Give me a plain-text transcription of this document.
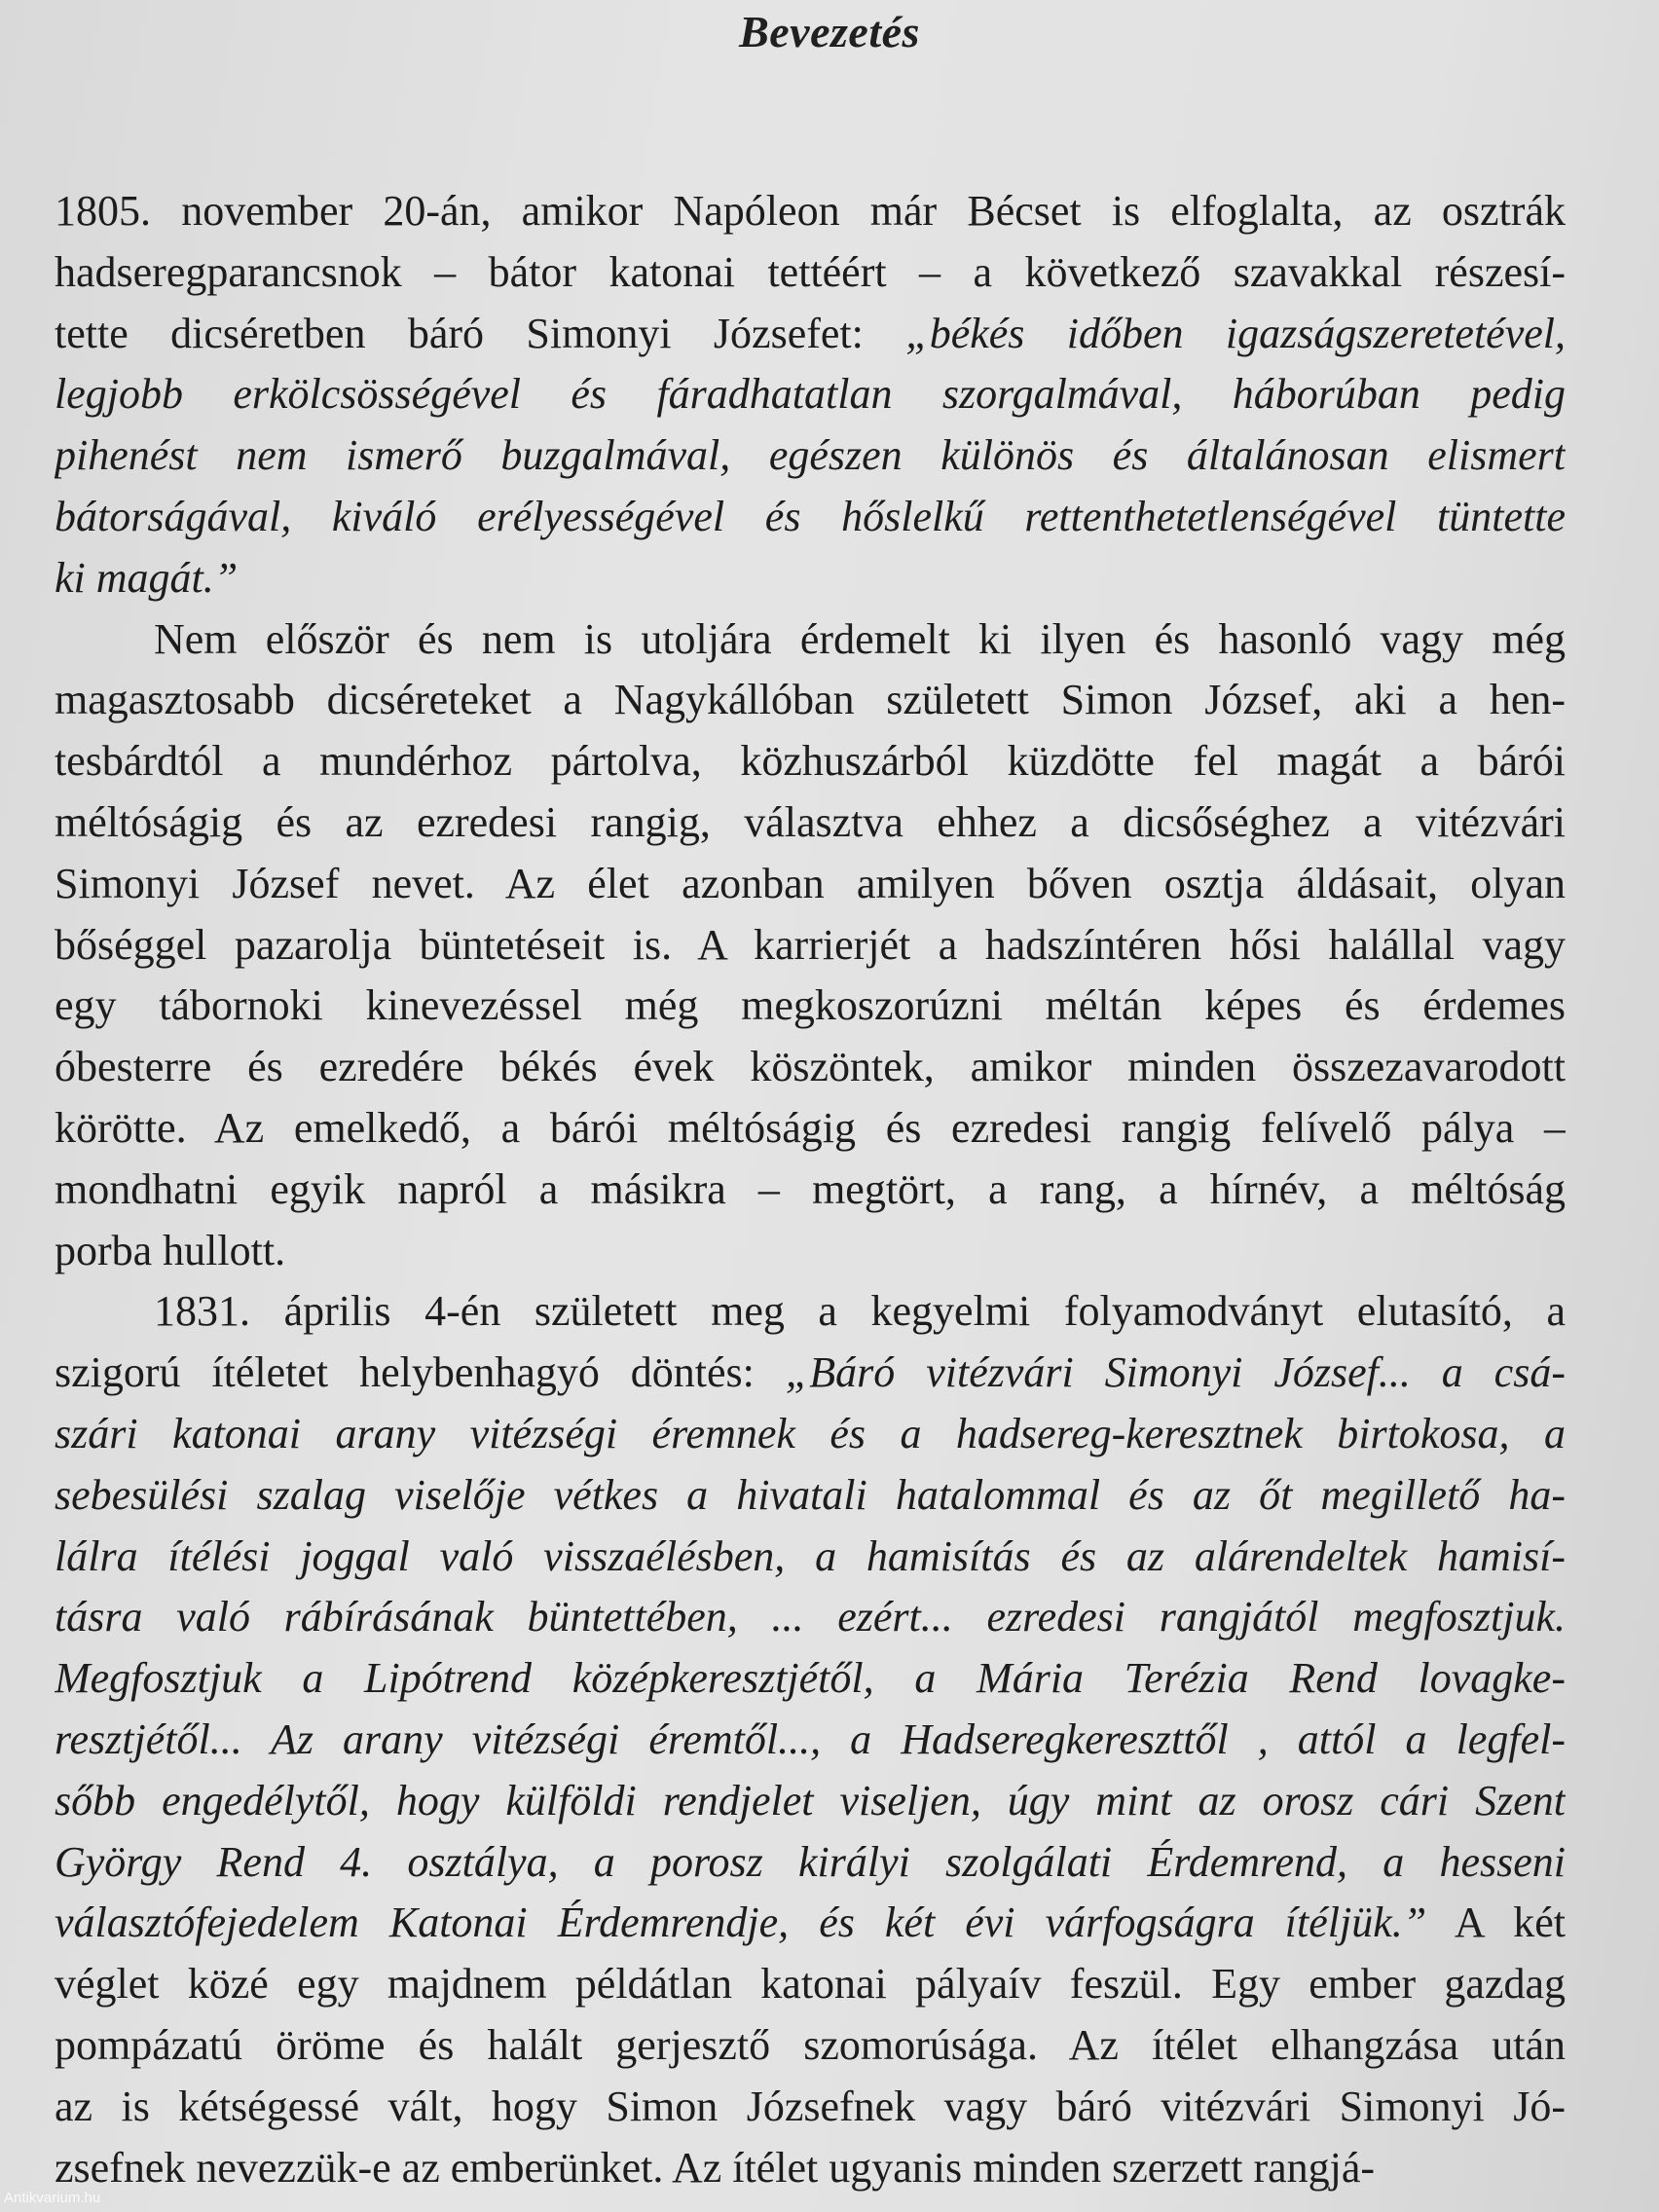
Bevezetés
1805. november 20-án, amikor Napóleon már Bécset is elfoglalta, az osztrák
hadseregparancsnok – bátor katonai tettéért – a következő szavakkal részesí-
tette dicséretben báró Simonyi Józsefet: „békés időben igazságszeretetével,
legjobb erkölcsösségével és fáradhatatlan szorgalmával, háborúban pedig
pihenést nem ismerő buzgalmával, egészen különös és általánosan elismert
bátorságával, kiváló erélyességével és hőslelkű rettenthetetlenségével tüntette
ki magát.”
Nem először és nem is utoljára érdemelt ki ilyen és hasonló vagy még
magasztosabb dicséreteket a Nagykállóban született Simon József, aki a hen-
tesbárdtól a mundérhoz pártolva, közhuszárból küzdötte fel magát a bárói
méltóságig és az ezredesi rangig, választva ehhez a dicsőséghez a vitézvári
Simonyi József nevet. Az élet azonban amilyen bőven osztja áldásait, olyan
bőséggel pazarolja büntetéseit is. A karrierjét a hadszíntéren hősi halállal vagy
egy tábornoki kinevezéssel még megkoszorúzni méltán képes és érdemes
óbesterre és ezredére békés évek köszöntek, amikor minden összezavarodott
körötte. Az emelkedő, a bárói méltóságig és ezredesi rangig felívelő pálya –
mondhatni egyik napról a másikra – megtört, a rang, a hírnév, a méltóság
porba hullott.
1831. április 4-én született meg a kegyelmi folyamodványt elutasító, a
szigorú ítéletet helybenhagyó döntés: „Báró vitézvári Simonyi József... a csá-
szári katonai arany vitézségi éremnek és a hadsereg-keresztnek birtokosa, a
sebesülési szalag viselője vétkes a hivatali hatalommal és az őt megillető ha-
lálra ítélési joggal való visszaélésben, a hamisítás és az alárendeltek hamisí-
tásra való rábírásának büntettében, ... ezért... ezredesi rangjától megfosztjuk.
Megfosztjuk a Lipótrend középkeresztjétől, a Mária Terézia Rend lovagke-
resztjétől... Az arany vitézségi éremtől..., a Hadseregkereszttől , attól a legfel-
sőbb engedélytől, hogy külföldi rendjelet viseljen, úgy mint az orosz cári Szent
György Rend 4. osztálya, a porosz királyi szolgálati Érdemrend, a hesseni
választófejedelem Katonai Érdemrendje, és két évi várfogságra ítéljük.” A két
véglet közé egy majdnem példátlan katonai pályaív feszül. Egy ember gazdag
pompázatú öröme és halált gerjesztő szomorúsága. Az ítélet elhangzása után
az is kétségessé vált, hogy Simon Józsefnek vagy báró vitézvári Simonyi Jó-
zsefnek nevezzük-e az emberünket. Az ítélet ugyanis minden szerzett rangjá-

Antikvarium.hu
